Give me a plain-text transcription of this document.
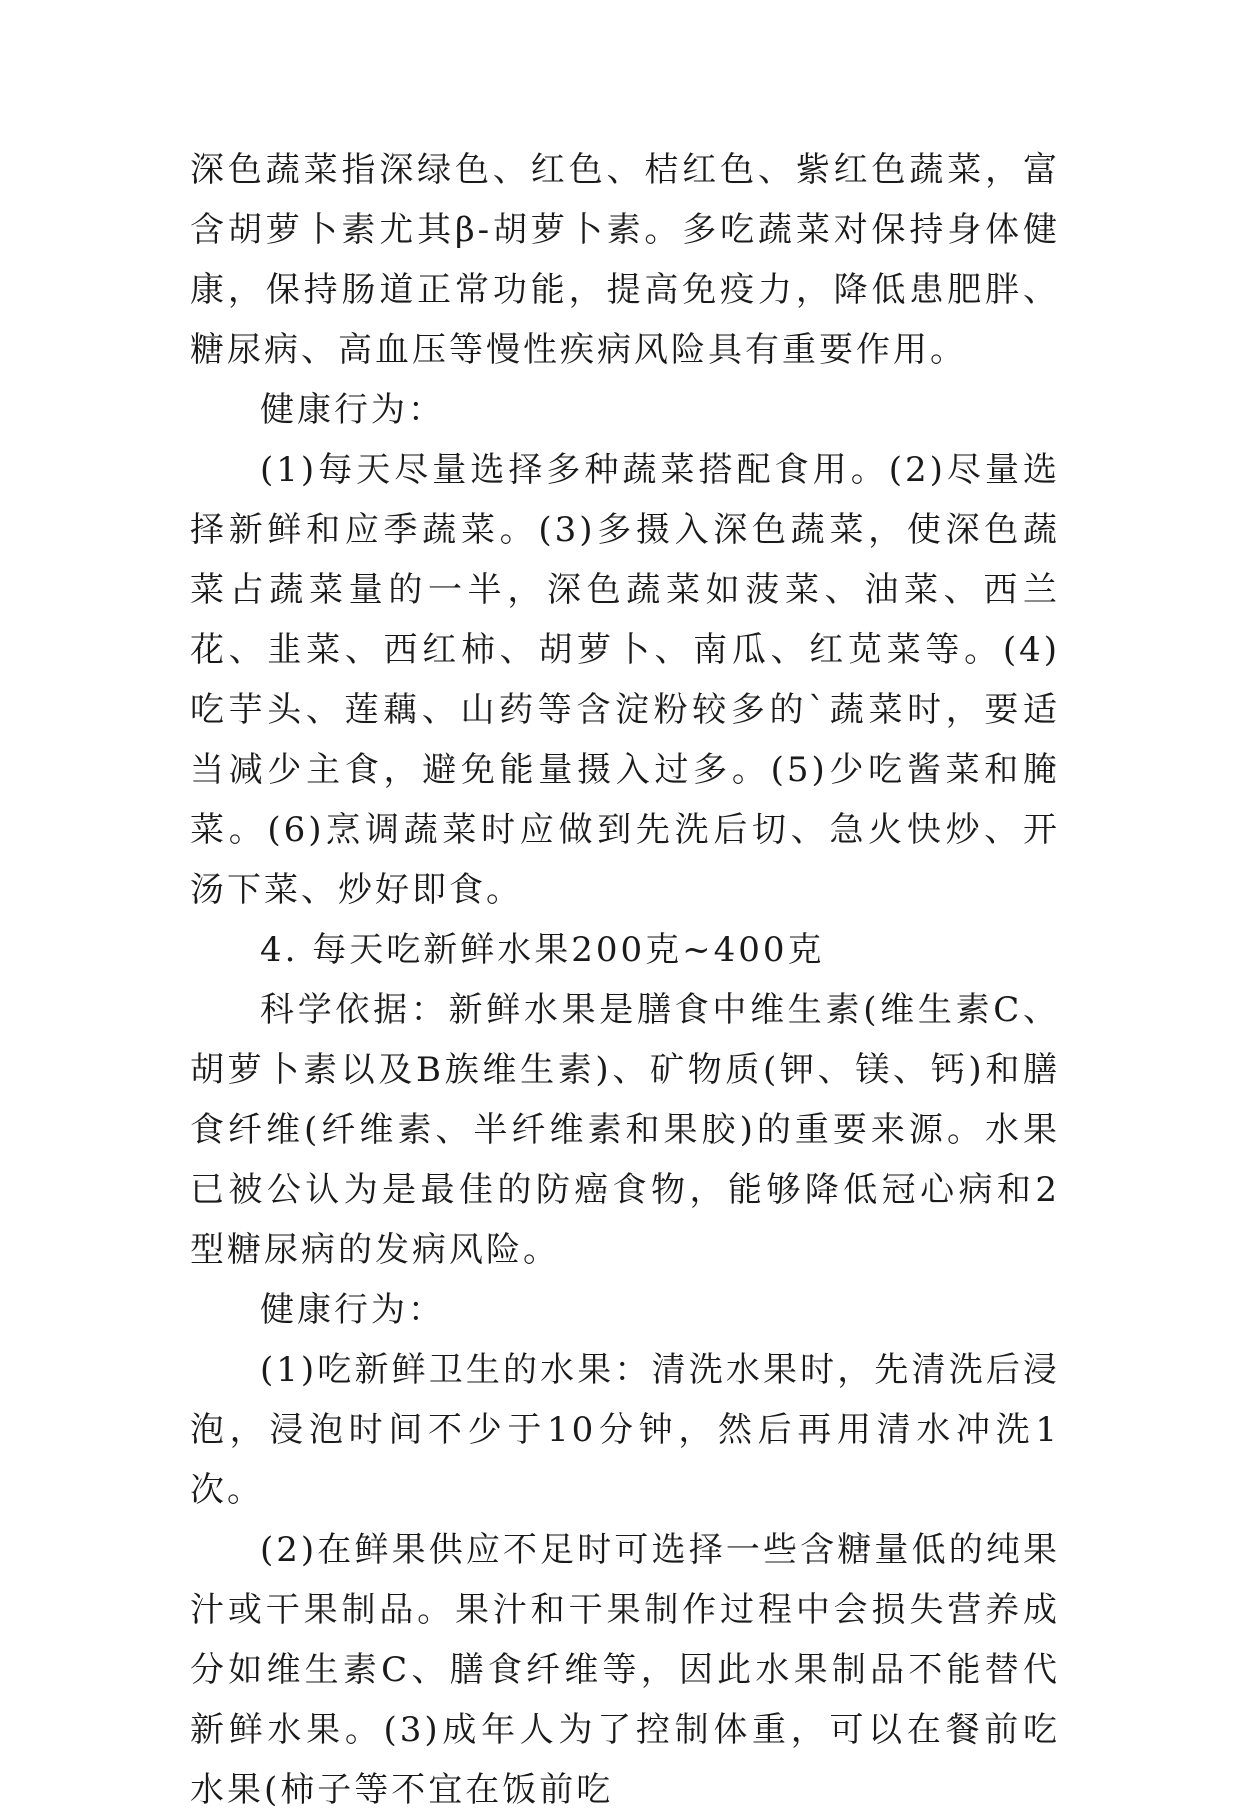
深色蔬菜指深绿色、红色、桔红色、紫红色蔬菜，富含胡萝卜素尤其β-胡萝卜素。多吃蔬菜对保持身体健康，保持肠道正常功能，提高免疫力，降低患肥胖、糖尿病、高血压等慢性疾病风险具有重要作用。

健康行为：

(1)每天尽量选择多种蔬菜搭配食用。(2)尽量选择新鲜和应季蔬菜。(3)多摄入深色蔬菜，使深色蔬菜占蔬菜量的一半，深色蔬菜如菠菜、油菜、西兰花、韭菜、西红柿、胡萝卜、南瓜、红苋菜等。(4)吃芋头、莲藕、山药等含淀粉较多的`蔬菜时，要适当减少主食，避免能量摄入过多。(5)少吃酱菜和腌菜。(6)烹调蔬菜时应做到先洗后切、急火快炒、开汤下菜、炒好即食。

4. 每天吃新鲜水果200克~400克

科学依据：新鲜水果是膳食中维生素(维生素C、胡萝卜素以及B族维生素)、矿物质(钾、镁、钙)和膳食纤维(纤维素、半纤维素和果胶)的重要来源。水果已被公认为是最佳的防癌食物，能够降低冠心病和2型糖尿病的发病风险。

健康行为：

(1)吃新鲜卫生的水果：清洗水果时，先清洗后浸泡，浸泡时间不少于10分钟，然后再用清水冲洗1次。

(2)在鲜果供应不足时可选择一些含糖量低的纯果汁或干果制品。果汁和干果制作过程中会损失营养成分如维生素C、膳食纤维等，因此水果制品不能替代新鲜水果。(3)成年人为了控制体重，可以在餐前吃水果(柿子等不宜在饭前吃
